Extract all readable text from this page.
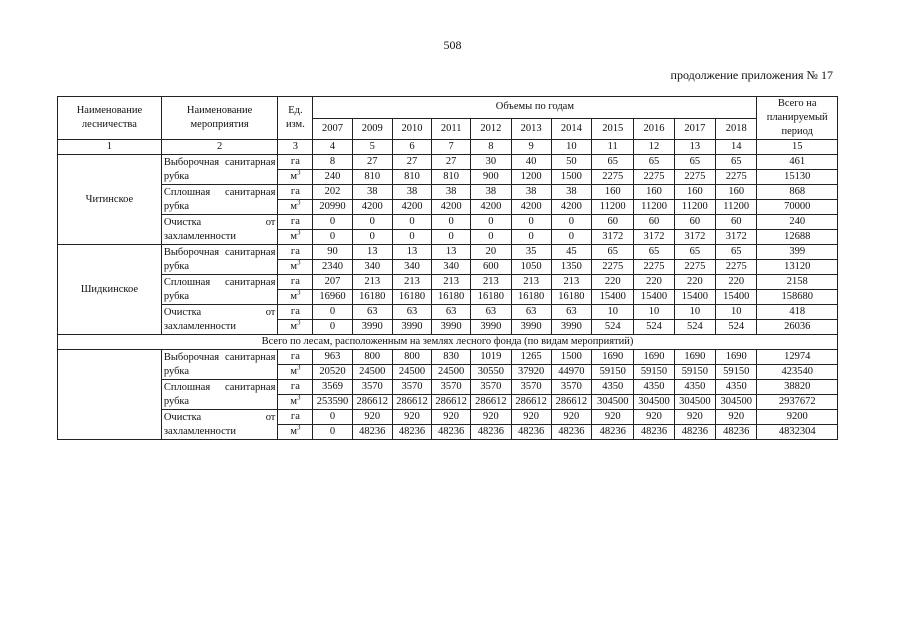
508
продолжение приложения № 17
Наименование лесничества	Наименование мероприятия	Ед. изм.	Объемы по годам											Всего на планируемый период
			2007	2009	2010	2011	2012	2013	2014	2015	2016	2017	2018	
1	2	3	4	5	6	7	8	9	10	11	12	13	14	15
Читинское	Выборочная санитарная рубка	га	8	27	27	27	30	40	50	65	65	65	65	461
		$м^3$	240	810	810	810	900	1200	1500	2275	2275	2275	2275	15130
	Сплошная санитарная рубка	га	202	38	38	38	38	38	38	160	160	160	160	868
		$м^3$	20990	4200	4200	4200	4200	4200	4200	11200	11200	11200	11200	70000
	Очистка от захламленности	га	0	0	0	0	0	0	0	60	60	60	60	240
		$м^3$	0	0	0	0	0	0	0	3172	3172	3172	3172	12688
Шидкинское	Выборочная санитарная рубка	га	90	13	13	13	20	35	45	65	65	65	65	399
		$м^3$	2340	340	340	340	600	1050	1350	2275	2275	2275	2275	13120
	Сплошная санитарная рубка	га	207	213	213	213	213	213	213	220	220	220	220	2158
		$м^3$	16960	16180	16180	16180	16180	16180	16180	15400	15400	15400	15400	158680
	Очистка от захламленности	га	0	63	63	63	63	63	63	10	10	10	10	418
		$м^3$	0	3990	3990	3990	3990	3990	3990	524	524	524	524	26036
Всего по лесам, расположенным на землях лесного фонда (по видам мероприятий)														
	Выборочная санитарная рубка	га	963	800	800	830	1019	1265	1500	1690	1690	1690	1690	12974
		$м^3$	20520	24500	24500	24500	30550	37920	44970	59150	59150	59150	59150	423540
	Сплошная санитарная рубка	га	3569	3570	3570	3570	3570	3570	3570	4350	4350	4350	4350	38820
		$м^3$	253590	286612	286612	286612	286612	286612	286612	304500	304500	304500	304500	2937672
	Очистка от захламленности	га	0	920	920	920	920	920	920	920	920	920	920	9200
		$м^3$	0	48236	48236	48236	48236	48236	48236	48236	48236	48236	48236	4832304
